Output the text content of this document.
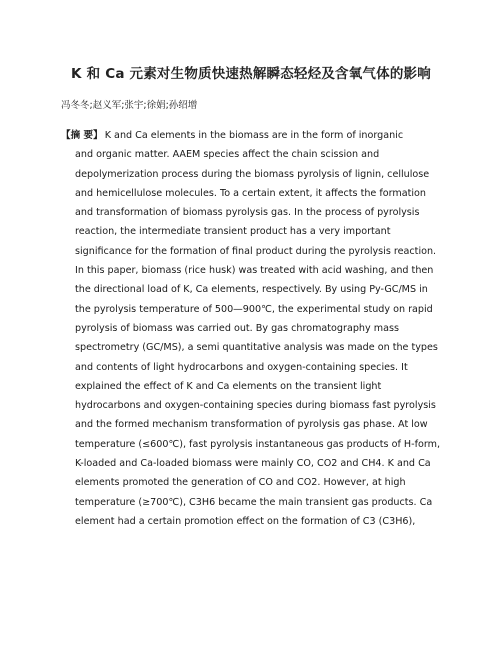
K 和 Ca 元素对生物质快速热解瞬态轻烃及含氧气体的影响
冯冬冬;赵义军;张宇;徐娟;孙绍增
【摘 要】 K and Ca elements in the biomass are in the form of inorganic
and organic matter. AAEM species affect the chain scission and
depolymerization process during the biomass pyrolysis of lignin, cellulose
and hemicellulose molecules. To a certain extent, it affects the formation
and transformation of biomass pyrolysis gas. In the process of pyrolysis
reaction, the intermediate transient product has a very important
significance for the formation of final product during the pyrolysis reaction.
In this paper, biomass (rice husk) was treated with acid washing, and then
the directional load of K, Ca elements, respectively. By using Py-GC/MS in
the pyrolysis temperature of 500—900℃, the experimental study on rapid
pyrolysis of biomass was carried out. By gas chromatography mass
spectrometry (GC/MS), a semi quantitative analysis was made on the types
and contents of light hydrocarbons and oxygen-containing species. It
explained the effect of K and Ca elements on the transient light
hydrocarbons and oxygen-containing species during biomass fast pyrolysis
and the formed mechanism transformation of pyrolysis gas phase. At low
temperature (≤600℃), fast pyrolysis instantaneous gas products of H-form,
K-loaded and Ca-loaded biomass were mainly CO, CO2 and CH4. K and Ca
elements promoted the generation of CO and CO2. However, at high
temperature (≥700℃), C3H6 became the main transient gas products. Ca
element had a certain promotion effect on the formation of C3 (C3H6),
